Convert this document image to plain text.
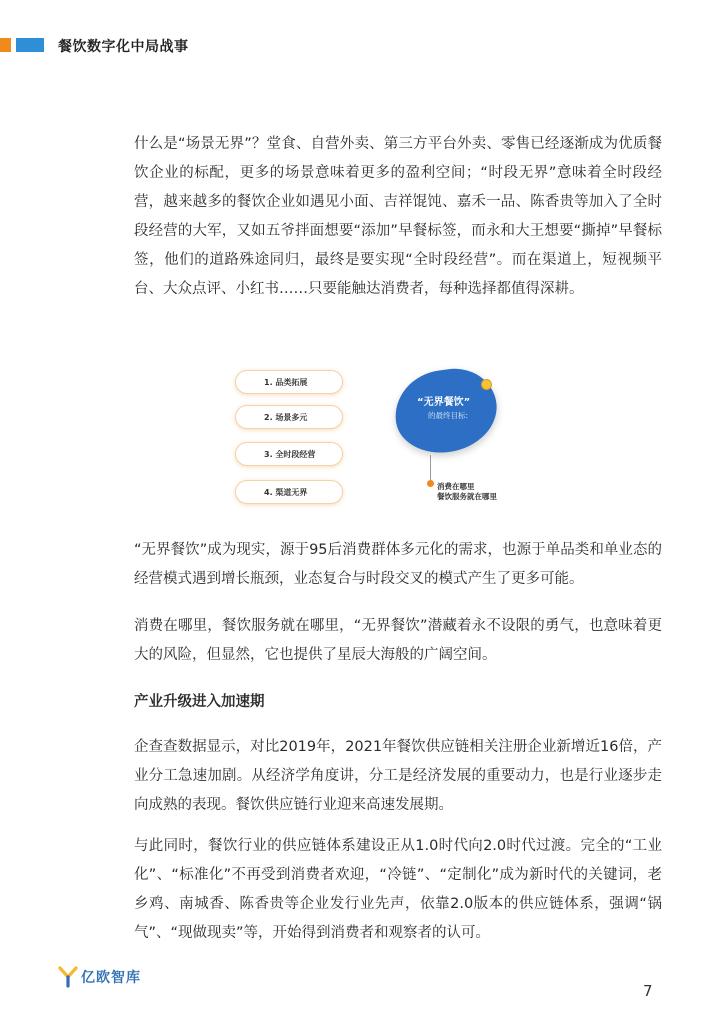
餐饮数字化中局战事

什么是“场景无界”？堂食、自营外卖、第三方平台外卖、零售已经逐渐成为优质餐饮企业的标配，更多的场景意味着更多的盈利空间；“时段无界”意味着全时段经营，越来越多的餐饮企业如遇见小面、吉祥馄饨、嘉禾一品、陈香贵等加入了全时段经营的大军，又如五爷拌面想要“添加”早餐标签，而永和大王想要“撕掉”早餐标签，他们的道路殊途同归，最终是要实现“全时段经营”。而在渠道上，短视频平台、大众点评、小红书……只要能触达消费者，每种选择都值得深耕。

1. 品类拓展
2. 场景多元
3. 全时段经营
4. 渠道无界
“无界餐饮”
的最终目标:
消费在哪里
餐饮服务就在哪里

“无界餐饮”成为现实，源于95后消费群体多元化的需求，也源于单品类和单业态的经营模式遇到增长瓶颈，业态复合与时段交叉的模式产生了更多可能。

消费在哪里，餐饮服务就在哪里，“无界餐饮”潜藏着永不设限的勇气，也意味着更大的风险，但显然，它也提供了星辰大海般的广阔空间。

产业升级进入加速期

企查查数据显示，对比2019年，2021年餐饮供应链相关注册企业新增近16倍，产业分工急速加剧。从经济学角度讲，分工是经济发展的重要动力，也是行业逐步走向成熟的表现。餐饮供应链行业迎来高速发展期。

与此同时，餐饮行业的供应链体系建设正从1.0时代向2.0时代过渡。完全的“工业化”、“标准化”不再受到消费者欢迎，“冷链”、“定制化”成为新时代的关键词，老乡鸡、南城香、陈香贵等企业发行业先声，依靠2.0版本的供应链体系，强调“锅气”、“现做现卖”等，开始得到消费者和观察者的认可。

亿欧智库
7
